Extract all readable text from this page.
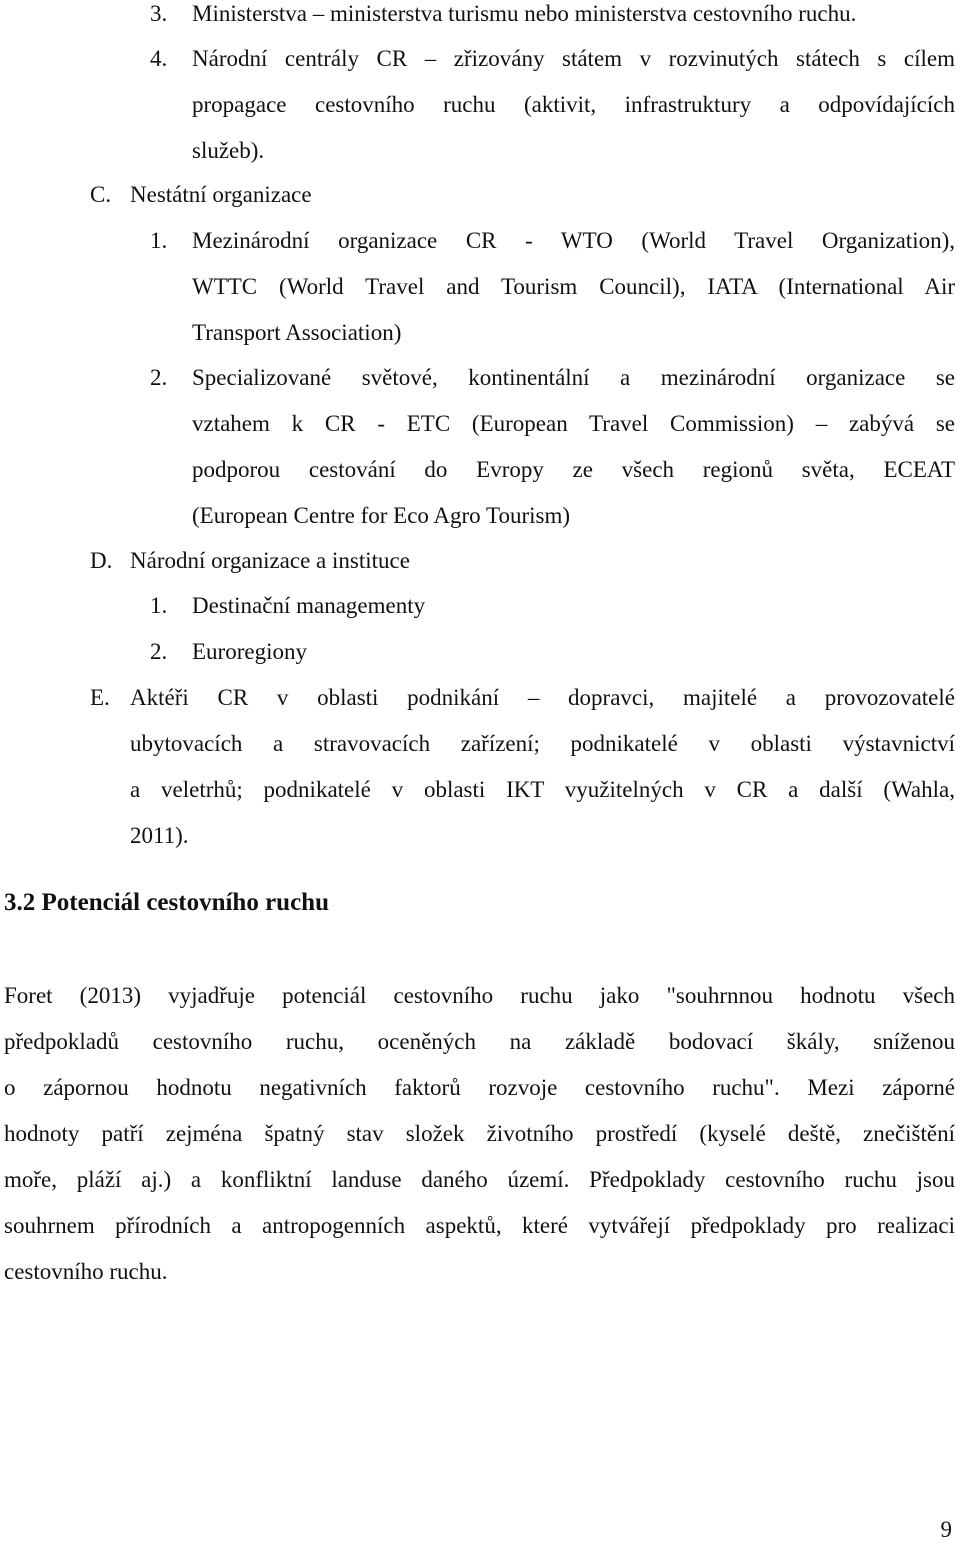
3. Ministerstva – ministerstva turismu nebo ministerstva cestovního ruchu.
4. Národní centrály CR – zřizovány státem v rozvinutých státech s cílem
propagace cestovního ruchu (aktivit, infrastruktury a odpovídajících
služeb).
C. Nestátní organizace
1. Mezinárodní organizace CR - WTO (World Travel Organization),
WTTC (World Travel and Tourism Council), IATA (International Air
Transport Association)
2. Specializované světové, kontinentální a mezinárodní organizace se
vztahem k CR - ETC (European Travel Commission) – zabývá se
podporou cestování do Evropy ze všech regionů světa, ECEAT
(European Centre for Eco Agro Tourism)
D. Národní organizace a instituce
1. Destinační managementy
2. Euroregiony
E. Aktéři CR v oblasti podnikání – dopravci, majitelé a provozovatelé
ubytovacích a stravovacích zařízení; podnikatelé v oblasti výstavnictví
a veletrhů; podnikatelé v oblasti IKT využitelných v CR a další (Wahla,
2011).
3.2 Potenciál cestovního ruchu
Foret (2013) vyjadřuje potenciál cestovního ruchu jako "souhrnnou hodnotu všech
předpokladů cestovního ruchu, oceněných na základě bodovací škály, sníženou
o zápornou hodnotu negativních faktorů rozvoje cestovního ruchu". Mezi záporné
hodnoty patří zejména špatný stav složek životního prostředí (kyselé deště, znečištění
moře, pláží aj.) a konfliktní landuse daného území. Předpoklady cestovního ruchu jsou
souhrnem přírodních a antropogenních aspektů, které vytvářejí předpoklady pro realizaci
cestovního ruchu.
9
